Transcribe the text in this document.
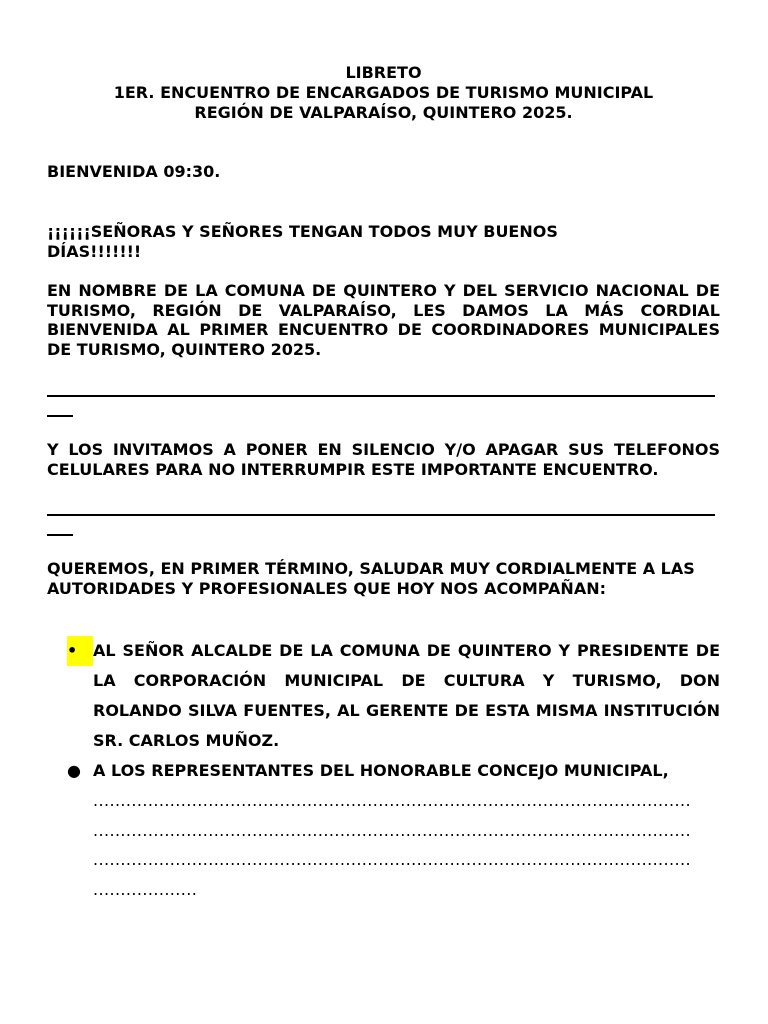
LIBRETO
1ER. ENCUENTRO DE ENCARGADOS DE TURISMO MUNICIPAL
REGIÓN DE VALPARAÍSO, QUINTERO 2025.
BIENVENIDA 09:30.
¡¡¡¡¡¡SEÑORAS Y SEÑORES TENGAN TODOS MUY BUENOS DÍAS!!!!!!!
EN NOMBRE DE LA COMUNA DE QUINTERO Y DEL SERVICIO NACIONAL DE TURISMO, REGIÓN DE VALPARAÍSO, LES DAMOS LA MÁS CORDIAL BIENVENIDA AL PRIMER ENCUENTRO DE COORDINADORES MUNICIPALES DE TURISMO, QUINTERO 2025.
Y LOS INVITAMOS A PONER EN SILENCIO Y/O APAGAR SUS TELEFONOS CELULARES PARA NO INTERRUMPIR ESTE IMPORTANTE ENCUENTRO.
QUEREMOS, EN PRIMER TÉRMINO, SALUDAR MUY CORDIALMENTE A LAS AUTORIDADES Y PROFESIONALES QUE HOY NOS ACOMPAÑAN:
• AL SEÑOR ALCALDE DE LA COMUNA DE QUINTERO Y PRESIDENTE DE LA CORPORACIÓN MUNICIPAL DE CULTURA Y TURISMO, DON ROLANDO SILVA FUENTES, AL GERENTE DE ESTA MISMA INSTITUCIÓN SR. CARLOS MUÑOZ.
● A LOS REPRESENTANTES DEL HONORABLE CONCEJO MUNICIPAL,
.............................................................................................................
.............................................................................................................
.............................................................................................................
...................
